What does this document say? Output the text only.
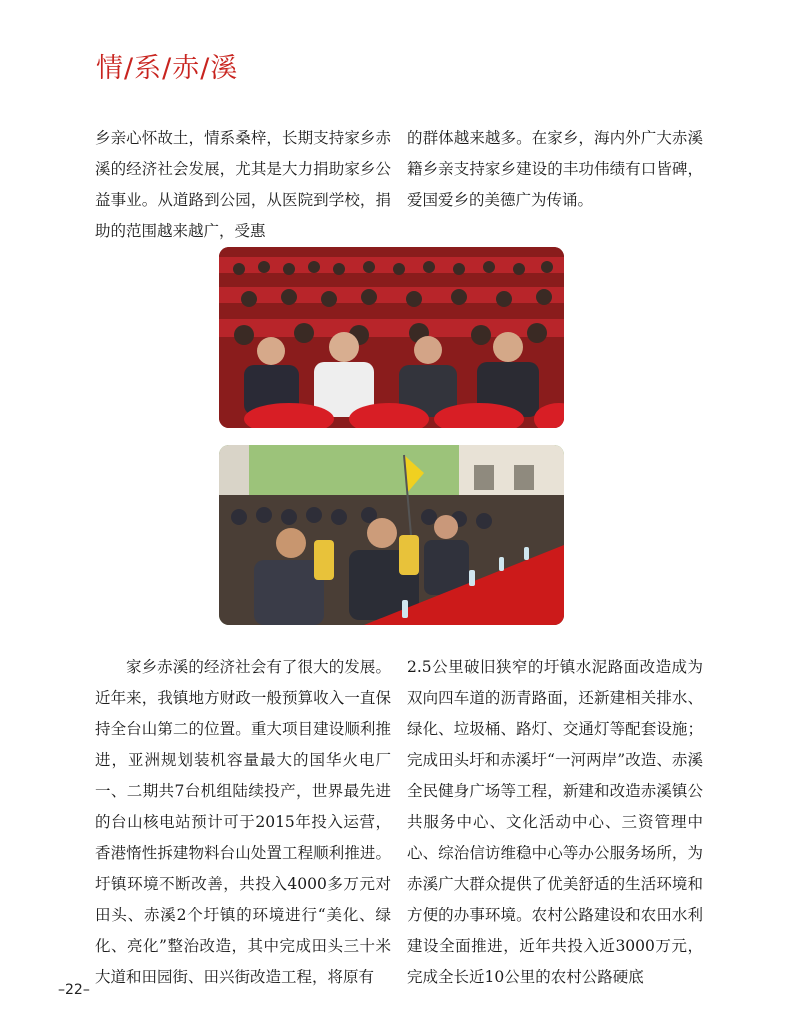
情/系/赤/溪

乡亲心怀故土，情系桑梓，长期支持家乡赤溪的经济社会发展，尤其是大力捐助家乡公益事业。从道路到公园，从医院到学校，捐助的范围越来越广，受惠

的群体越来越多。在家乡，海内外广大赤溪籍乡亲支持家乡建设的丰功伟绩有口皆碑，爱国爱乡的美德广为传诵。

家乡赤溪的经济社会有了很大的发展。近年来，我镇地方财政一般预算收入一直保持全台山第二的位置。重大项目建设顺利推进，亚洲规划装机容量最大的国华火电厂一、二期共7台机组陆续投产，世界最先进的台山核电站预计可于2015年投入运营，香港惰性拆建物料台山处置工程顺利推进。圩镇环境不断改善，共投入4000多万元对田头、赤溪2个圩镇的环境进行“美化、绿化、亮化”整治改造，其中完成田头三十米大道和田园街、田兴街改造工程，将原有

2.5公里破旧狭窄的圩镇水泥路面改造成为双向四车道的沥青路面，还新建相关排水、绿化、垃圾桶、路灯、交通灯等配套设施；完成田头圩和赤溪圩“一河两岸”改造、赤溪全民健身广场等工程，新建和改造赤溪镇公共服务中心、文化活动中心、三资管理中心、综治信访维稳中心等办公服务场所，为赤溪广大群众提供了优美舒适的生活环境和方便的办事环境。农村公路建设和农田水利建设全面推进，近年共投入近3000万元，完成全长近10公里的农村公路硬底

–22–
